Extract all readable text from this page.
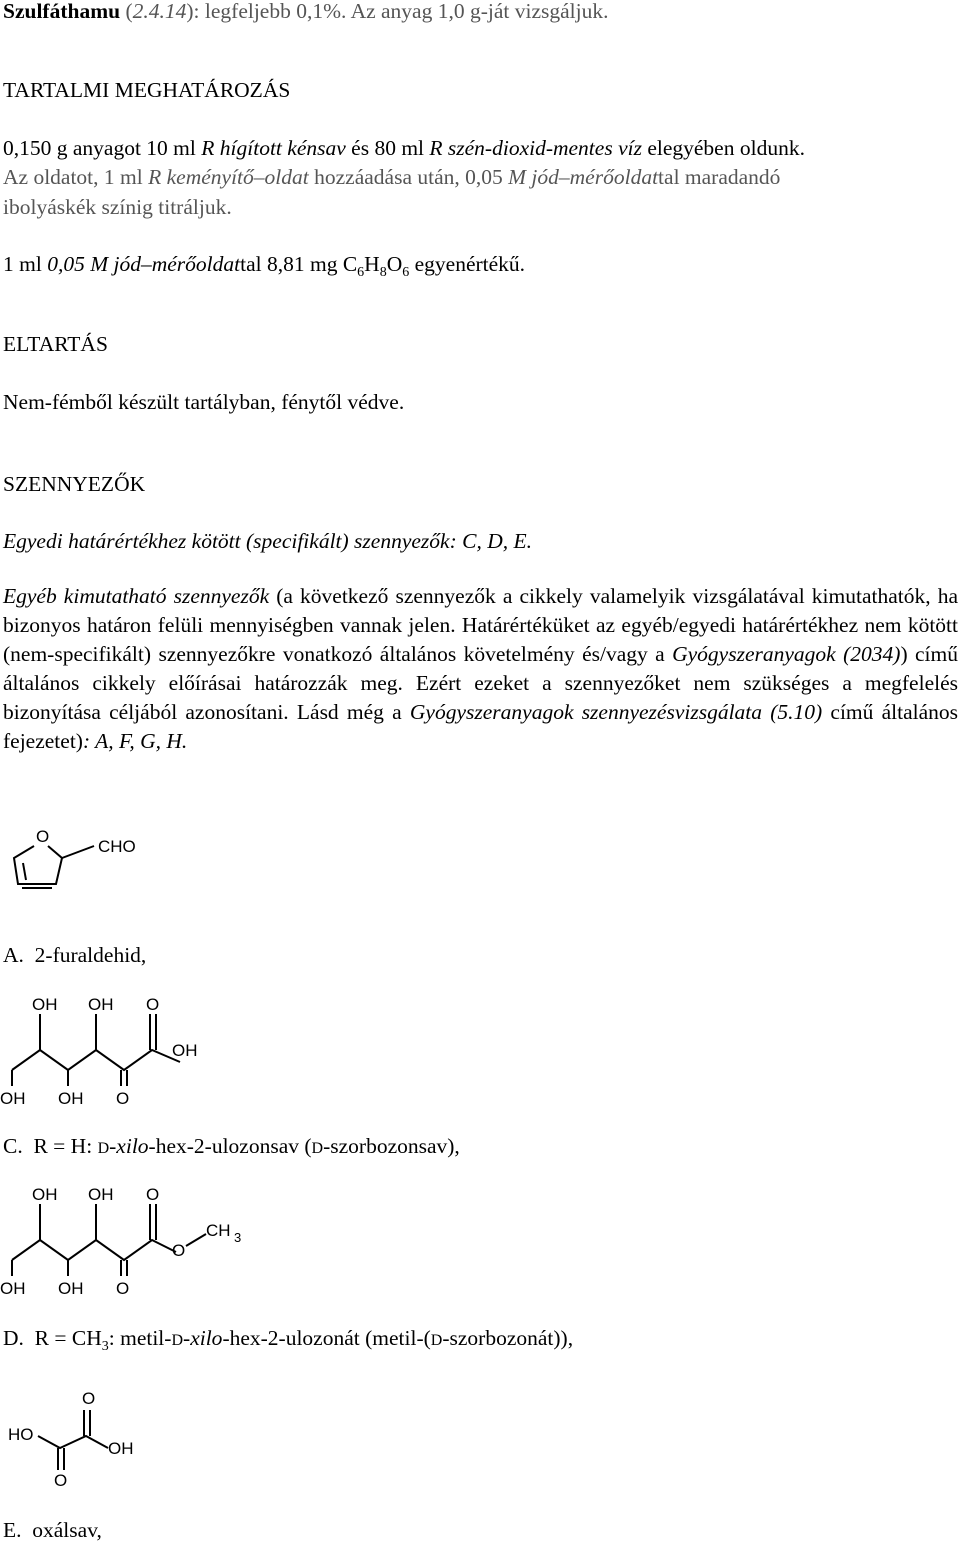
Szulfáthamu (2.4.14): legfeljebb 0,1%. Az anyag 1,0 g-ját vizsgáljuk.
TARTALMI MEGHATÁROZÁS
0,150 g anyagot 10 ml R hígított kénsav és 80 ml R szén-dioxid-mentes víz elegyében oldunk.
Az oldatot, 1 ml R keményítő–oldat hozzáadása után, 0,05 M jód–mérőoldattal maradandó
ibolyáskék színig titráljuk.
1 ml 0,05 M jód–mérőoldattal 8,81 mg $C_6H_8O_6$ egyenértékű.
ELTARTÁS
Nem-fémből készült tartályban, fénytől védve.
SZENNYEZŐK
Egyedi határértékhez kötött (specifikált) szennyezők: C, D, E.
Egyéb kimutatható szennyezők (a következő szennyezők a cikkely valamelyik vizsgálatával kimutathatók, ha bizonyos határon felüli mennyiségben vannak jelen. Határértéküket az egyéb/egyedi határértékhez nem kötött (nem-specifikált) szennyezőkre vonatkozó általános követelmény és/vagy a Gyógyszeranyagok (2034)) című általános cikkely előírásai határozzák meg. Ezért ezeket a szennyezőket nem szükséges a megfelelés bizonyítása céljából azonosítani. Lásd még a Gyógyszeranyagok szennyezésvizsgálata (5.10) című általános fejezetet): A, F, G, H.
O
CHO
A. 2-furaldehid,
OH OH O
OH
OH OH O
C. R = H: D-xilo-hex-2-ulozonsav (D-szorbozonsav),
OH OH O
O
CH 3
OH OH O
D. $R = CH_3$: metil-D-xilo-hex-2-ulozonát (metil-(D-szorbozonát)),
O
HO
OH
O
E. oxálsav,
